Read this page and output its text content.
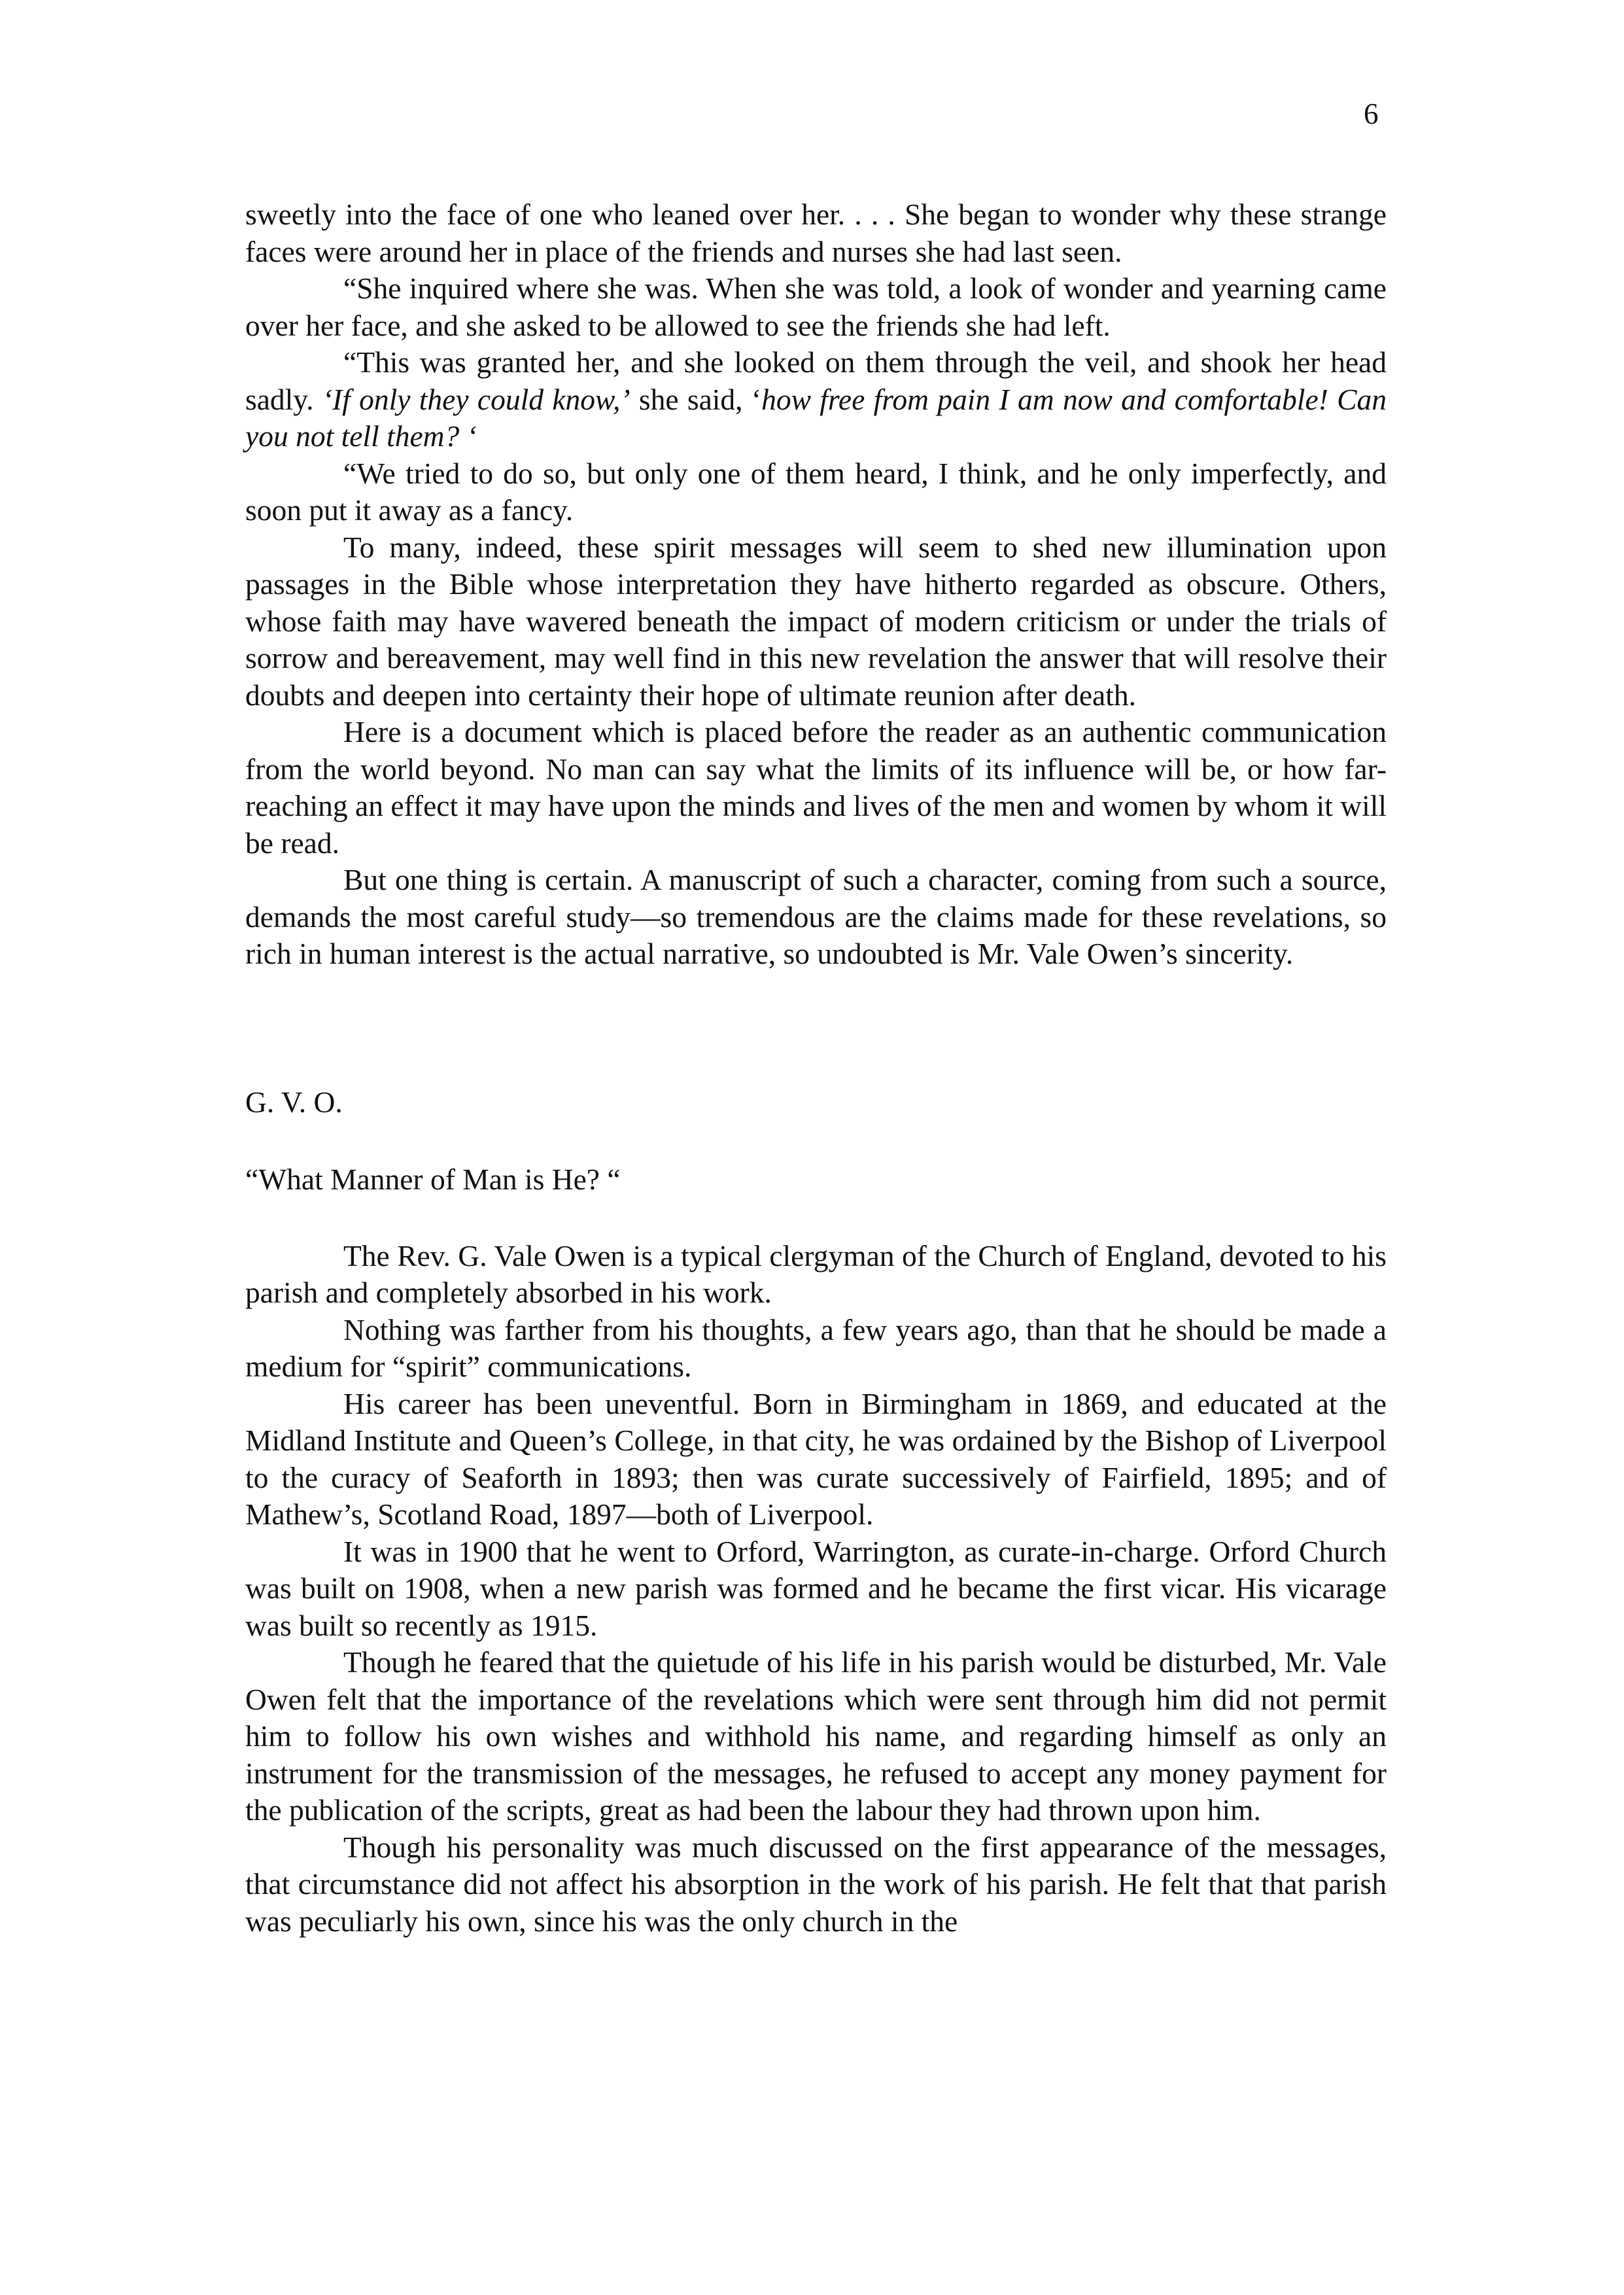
6

sweetly into the face of one who leaned over her. . . . She began to wonder why these strange faces were around her in place of the friends and nurses she had last seen.

“She inquired where she was. When she was told, a look of wonder and yearning came over her face, and she asked to be allowed to see the friends she had left.

“This was granted her, and she looked on them through the veil, and shook her head sadly. ‘If only they could know,’ she said, ‘how free from pain I am now and comfortable! Can you not tell them? ‘

“We tried to do so, but only one of them heard, I think, and he only imperfectly, and soon put it away as a fancy.

To many, indeed, these spirit messages will seem to shed new illumination upon passages in the Bible whose interpretation they have hitherto regarded as obscure. Others, whose faith may have wavered beneath the impact of modern criticism or under the trials of sorrow and bereavement, may well find in this new revelation the answer that will resolve their doubts and deepen into certainty their hope of ultimate reunion after death.

Here is a document which is placed before the reader as an authentic communication from the world beyond. No man can say what the limits of its influence will be, or how far-reaching an effect it may have upon the minds and lives of the men and women by whom it will be read.

But one thing is certain. A manuscript of such a character, coming from such a source, demands the most careful study—so tremendous are the claims made for these revelations, so rich in human interest is the actual narrative, so undoubted is Mr. Vale Owen’s sincerity.

G. V. O.

“What Manner of Man is He? “

The Rev. G. Vale Owen is a typical clergyman of the Church of England, devoted to his parish and completely absorbed in his work.

Nothing was farther from his thoughts, a few years ago, than that he should be made a medium for “spirit” communications.

His career has been uneventful. Born in Birmingham in 1869, and educated at the Midland Institute and Queen’s College, in that city, he was ordained by the Bishop of Liverpool to the curacy of Seaforth in 1893; then was curate successively of Fairfield, 1895; and of Mathew’s, Scotland Road, 1897—both of Liverpool.

It was in 1900 that he went to Orford, Warrington, as curate-in-charge. Orford Church was built on 1908, when a new parish was formed and he became the first vicar. His vicarage was built so recently as 1915.

Though he feared that the quietude of his life in his parish would be disturbed, Mr. Vale Owen felt that the importance of the revelations which were sent through him did not permit him to follow his own wishes and withhold his name, and regarding himself as only an instrument for the transmission of the messages, he refused to accept any money payment for the publication of the scripts, great as had been the labour they had thrown upon him.

Though his personality was much discussed on the first appearance of the messages, that circumstance did not affect his absorption in the work of his parish. He felt that that parish was peculiarly his own, since his was the only church in the
